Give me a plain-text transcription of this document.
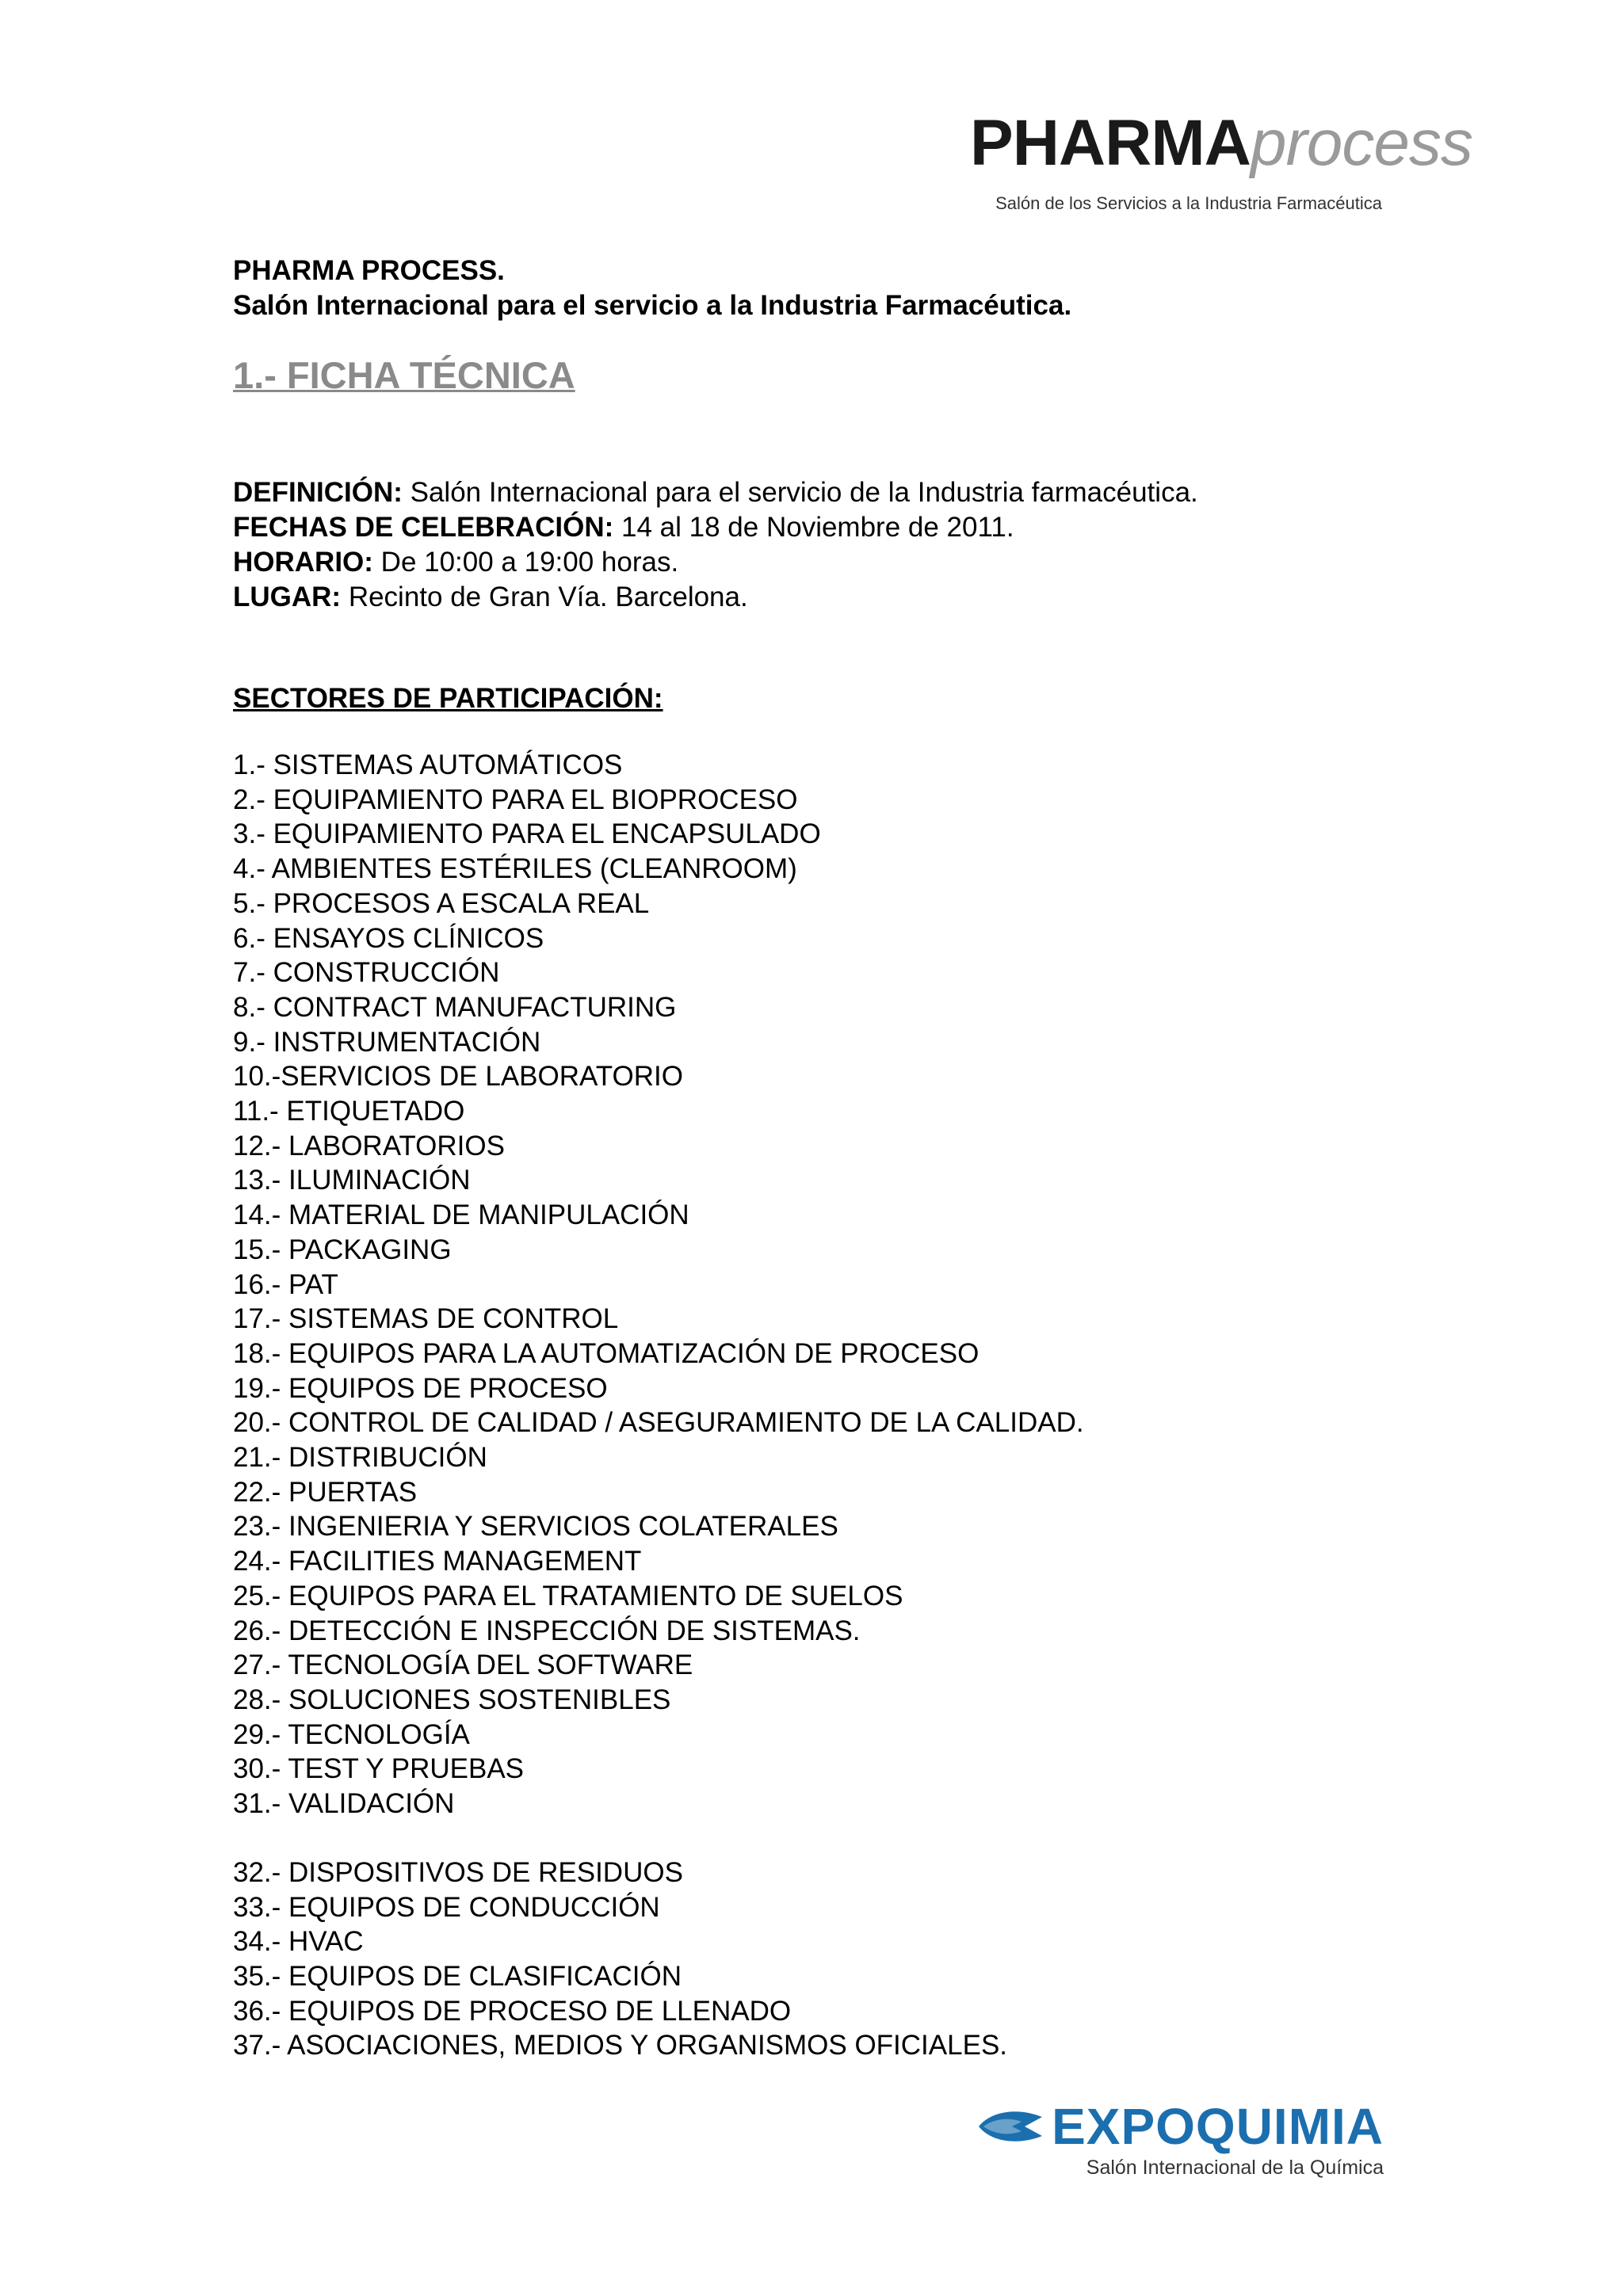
PHARMAprocess
Salón de los Servicios a la Industria Farmacéutica
PHARMA PROCESS.
Salón Internacional para el servicio a la Industria Farmacéutica.
1.- FICHA TÉCNICA
DEFINICIÓN: Salón Internacional para el servicio de la Industria farmacéutica.
FECHAS DE CELEBRACIÓN: 14 al 18 de Noviembre de 2011.
HORARIO: De 10:00 a 19:00 horas.
LUGAR: Recinto de Gran Vía. Barcelona.
SECTORES DE PARTICIPACIÓN:
1.- SISTEMAS AUTOMÁTICOS
2.- EQUIPAMIENTO PARA EL BIOPROCESO
3.- EQUIPAMIENTO PARA EL ENCAPSULADO
4.- AMBIENTES ESTÉRILES (CLEANROOM)
5.- PROCESOS A ESCALA REAL
6.- ENSAYOS CLÍNICOS
7.- CONSTRUCCIÓN
8.- CONTRACT MANUFACTURING
9.- INSTRUMENTACIÓN
10.-SERVICIOS DE LABORATORIO
11.- ETIQUETADO
12.- LABORATORIOS
13.- ILUMINACIÓN
14.- MATERIAL DE MANIPULACIÓN
15.- PACKAGING
16.- PAT
17.- SISTEMAS DE CONTROL
18.- EQUIPOS PARA LA AUTOMATIZACIÓN DE PROCESO
19.- EQUIPOS DE PROCESO
20.- CONTROL DE CALIDAD / ASEGURAMIENTO DE LA CALIDAD.
21.- DISTRIBUCIÓN
22.- PUERTAS
23.- INGENIERIA Y SERVICIOS COLATERALES
24.- FACILITIES MANAGEMENT
25.- EQUIPOS PARA EL TRATAMIENTO DE SUELOS
26.- DETECCIÓN E INSPECCIÓN DE SISTEMAS.
27.- TECNOLOGÍA DEL SOFTWARE
28.- SOLUCIONES SOSTENIBLES
29.- TECNOLOGÍA
30.- TEST Y PRUEBAS
31.- VALIDACIÓN
32.- DISPOSITIVOS DE RESIDUOS
33.- EQUIPOS DE CONDUCCIÓN
34.- HVAC
35.- EQUIPOS DE CLASIFICACIÓN
36.- EQUIPOS DE PROCESO DE LLENADO
37.- ASOCIACIONES, MEDIOS Y ORGANISMOS OFICIALES.
EXPOQUIMIA
Salón Internacional de la Química
